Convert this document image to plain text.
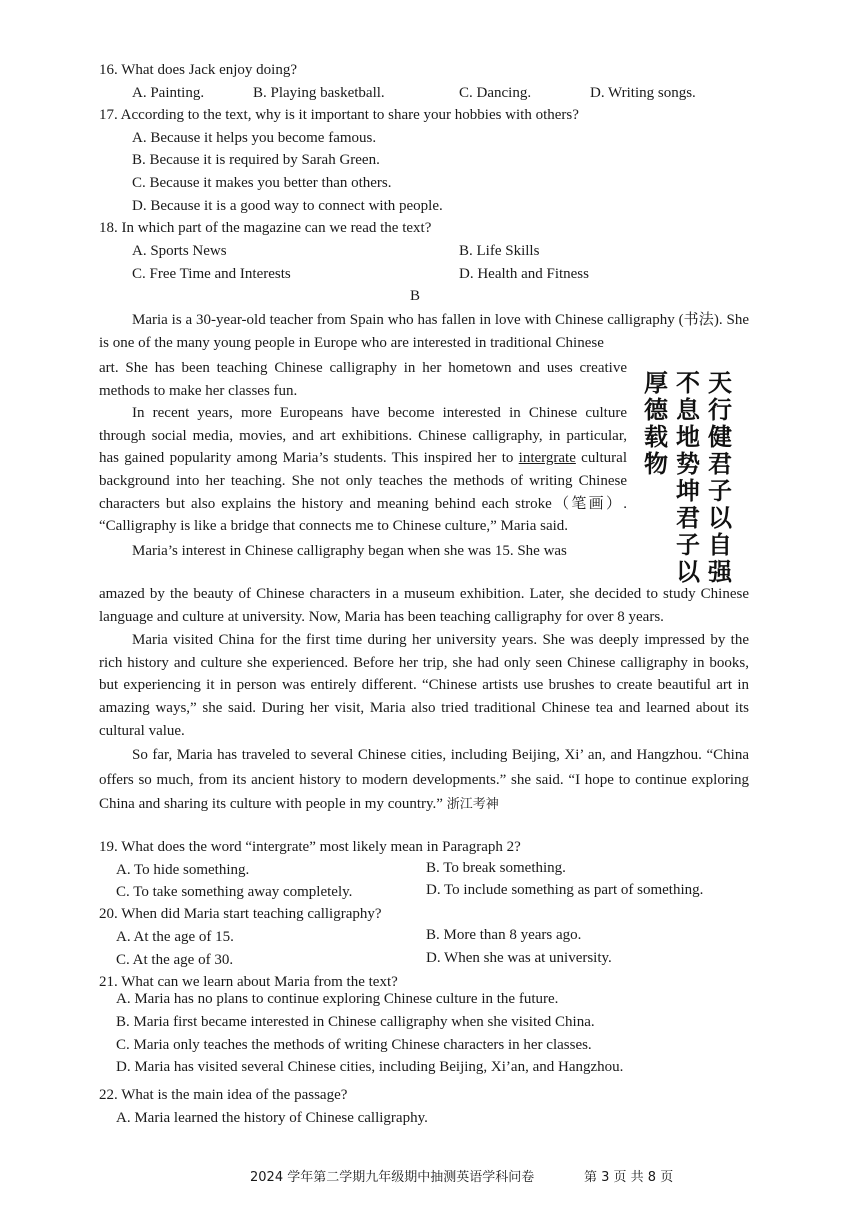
16. What does Jack enjoy doing?
A. Painting.	B. Playing basketball.	C. Dancing.	D. Writing songs.
17. According to the text, why is it important to share your hobbies with others?
A. Because it helps you become famous.
B. Because it is required by Sarah Green.
C. Because it makes you better than others.
D. Because it is a good way to connect with people.
18. In which part of the magazine can we read the text?
A. Sports News	B. Life Skills
C. Free Time and Interests	D. Health and Fitness
B

Maria is a 30-year-old teacher from Spain who has fallen in love with Chinese calligraphy (书法). She is one of the many young people in Europe who are interested in traditional Chinese

art. She has been teaching Chinese calligraphy in her hometown and uses creative methods to make her classes fun.

In recent years, more Europeans have become interested in Chinese culture through social media, movies, and art exhibitions. Chinese calligraphy, in particular, has gained popularity among Maria’s students. This inspired her to intergrate cultural background into her teaching. She not only teaches the methods of writing Chinese characters but also explains the history and meaning behind each stroke（笔画）. “Calligraphy is like a bridge that connects me to Chinese culture,” Maria said.

Maria’s interest in Chinese calligraphy began when she was 15. She was

天行健君子以自强
不息地势坤君子以
厚德载物

amazed by the beauty of Chinese characters in a museum exhibition. Later, she decided to study Chinese language and culture at university. Now, Maria has been teaching calligraphy for over 8 years.

Maria visited China for the first time during her university years. She was deeply impressed by the rich history and culture she experienced. Before her trip, she had only seen Chinese calligraphy in books, but experiencing it in person was entirely different. “Chinese artists use brushes to create beautiful art in amazing ways,” she said. During her visit, Maria also tried traditional Chinese tea and learned about its cultural value.

So far, Maria has traveled to several Chinese cities, including Beijing, Xi’ an, and Hangzhou. “China offers so much, from its ancient history to modern developments.” she said. “I hope to continue exploring China and sharing its culture with people in my country.” 浙江考神

19. What does the word “intergrate” most likely mean in Paragraph 2?
A. To hide something.	B. To break something.
C. To take something away completely.	D. To include something as part of something.
20. When did Maria start teaching calligraphy?
A. At the age of 15.	B. More than 8 years ago.
C. At the age of 30.	D. When she was at university.
21. What can we learn about Maria from the text?
A. Maria has no plans to continue exploring Chinese culture in the future.
B. Maria first became interested in Chinese calligraphy when she visited China.
C. Maria only teaches the methods of writing Chinese characters in her classes.
D. Maria has visited several Chinese cities, including Beijing, Xi’an, and Hangzhou.
22. What is the main idea of the passage?
A. Maria learned the history of Chinese calligraphy.
2024 学年第二学期九年级期中抽测英语学科问卷	第 3 页 共 8 页
